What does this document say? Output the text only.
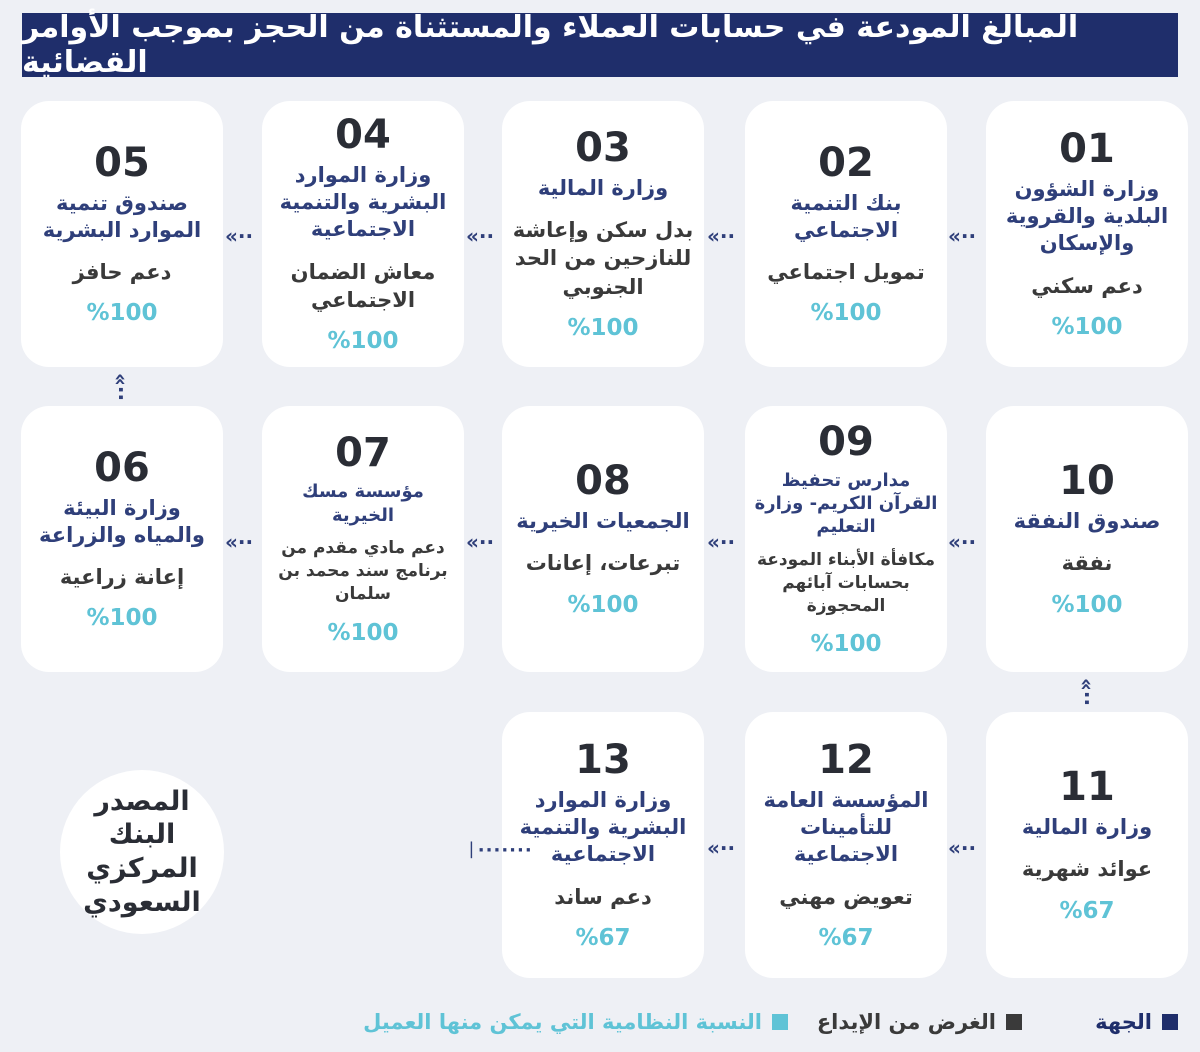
المبالغ المودعة في حسابات العملاء والمستثناة من الحجز بموجب الأوامر القضائية
01
وزارة الشؤون البلدية والقروية والإسكان
دعم سكني
%100
02
بنك التنمية الاجتماعي
تمويل اجتماعي
%100
03
وزارة المالية
بدل سكن وإعاشة للنازحين من الحد الجنوبي
%100
04
وزارة الموارد البشرية والتنمية الاجتماعية
معاش الضمان الاجتماعي
%100
05
صندوق تنمية الموارد البشرية
دعم حافز
%100
«··
«··
«··
«··
«··
10
صندوق النفقة
نفقة
%100
09
مدارس تحفيظ القرآن الكريم- وزارة التعليم
مكافأة الأبناء المودعة بحسابات آبائهم المحجوزة
%100
08
الجمعيات الخيرية
تبرعات، إعانات
%100
07
مؤسسة مسك الخيرية
دعم مادي مقدم من برنامج سند محمد بن سلمان
%100
06
وزارة البيئة والمياه والزراعة
إعانة زراعية
%100
«··
«··
«··
«··
«··
11
وزارة المالية
عوائد شهرية
%67
12
المؤسسة العامة للتأمينات الاجتماعية
تعويض مهني
%67
13
وزارة الموارد البشرية والتنمية الاجتماعية
دعم ساند
%67
«··
«··
ᛁ·······
المصدر
البنك
المركزي
السعودي
الجهة
الغرض من الإيداع
النسبة النظامية التي يمكن منها العميل
